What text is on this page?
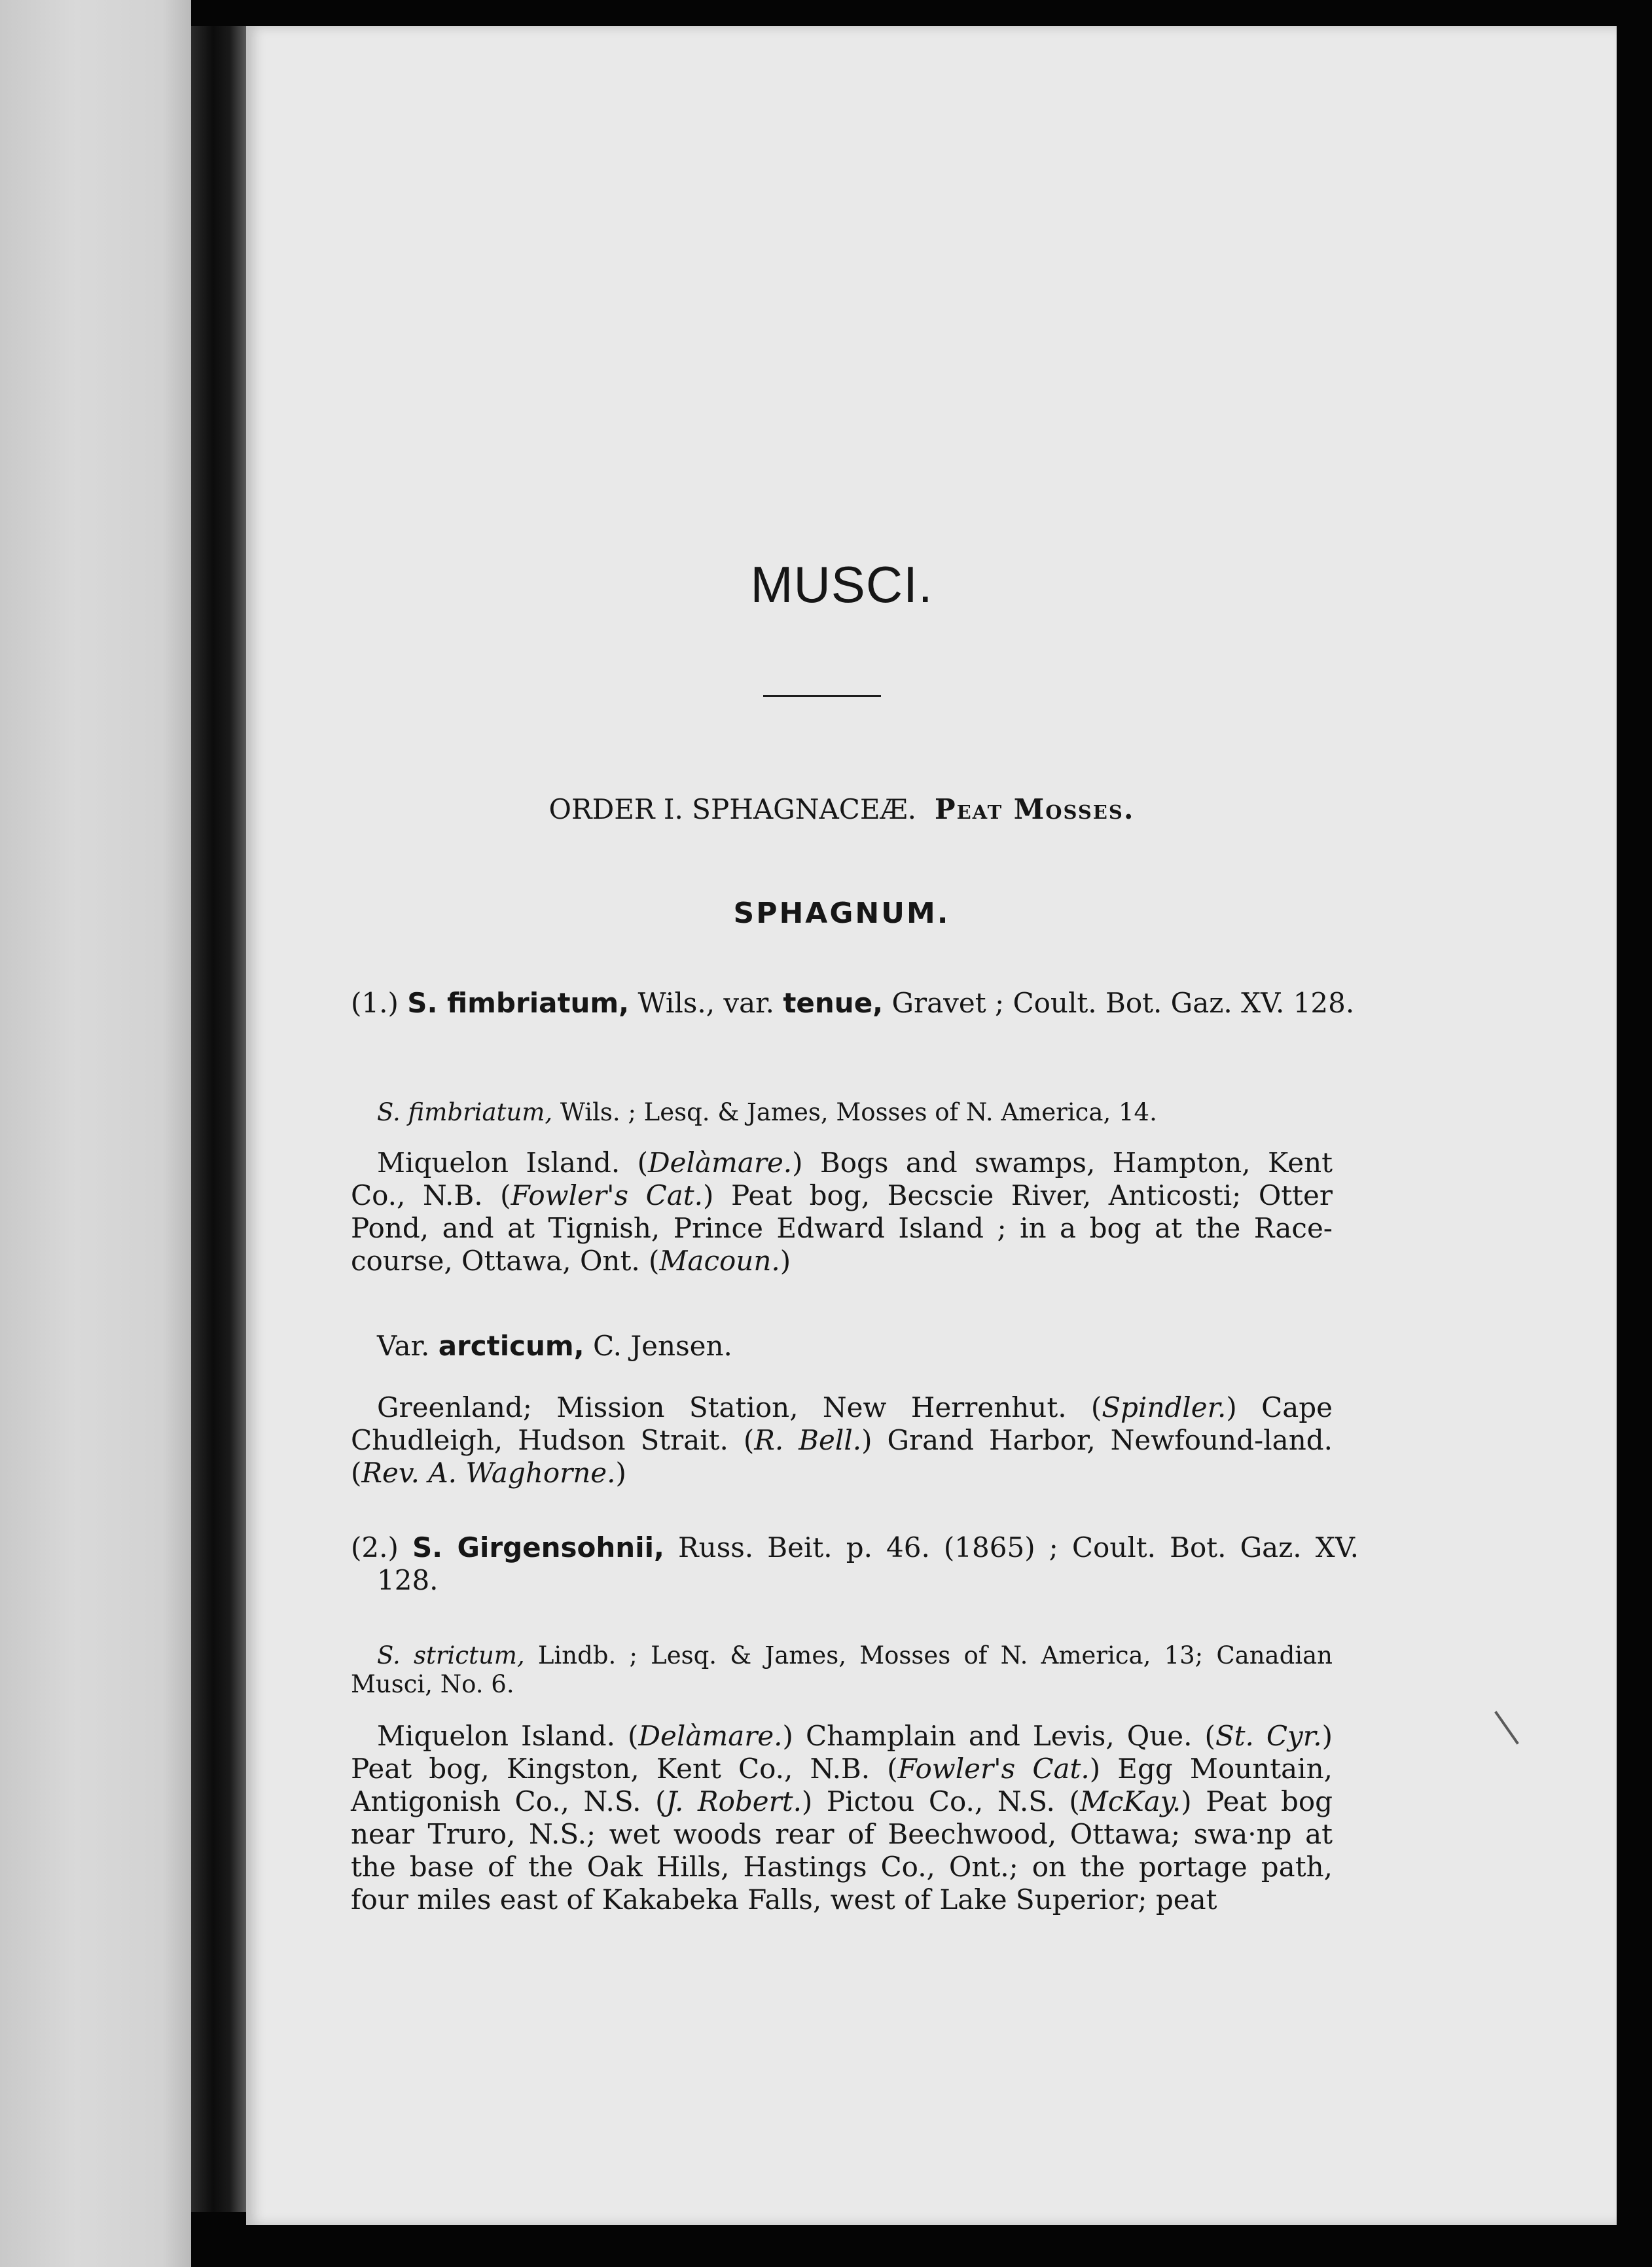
MUSCI.
ORDER I. SPHAGNACEÆ. Peat Mosses.
SPHAGNUM.
(1.) S. fimbriatum, Wils., var. tenue, Gravet ; Coult. Bot. Gaz. XV. 128.
S. fimbriatum, Wils. ; Lesq. & James, Mosses of N. America, 14.
Miquelon Island. (Delàmare.) Bogs and swamps, Hampton, Kent Co., N.B. (Fowler's Cat.) Peat bog, Becscie River, Anticosti; Otter Pond, and at Tignish, Prince Edward Island ; in a bog at the Race-course, Ottawa, Ont. (Macoun.)
Var. arcticum, C. Jensen.
Greenland; Mission Station, New Herrenhut. (Spindler.) Cape Chudleigh, Hudson Strait. (R. Bell.) Grand Harbor, Newfound-land. (Rev. A. Waghorne.)
(2.) S. Girgensohnii, Russ. Beit. p. 46. (1865) ; Coult. Bot. Gaz. XV. 128.
S. strictum, Lindb. ; Lesq. & James, Mosses of N. America, 13; Canadian Musci, No. 6.
Miquelon Island. (Delàmare.) Champlain and Levis, Que. (St. Cyr.) Peat bog, Kingston, Kent Co., N.B. (Fowler's Cat.) Egg Mountain, Antigonish Co., N.S. (J. Robert.) Pictou Co., N.S. (McKay.) Peat bog near Truro, N.S.; wet woods rear of Beechwood, Ottawa; swa·np at the base of the Oak Hills, Hastings Co., Ont.; on the portage path, four miles east of Kakabeka Falls, west of Lake Superior; peat
